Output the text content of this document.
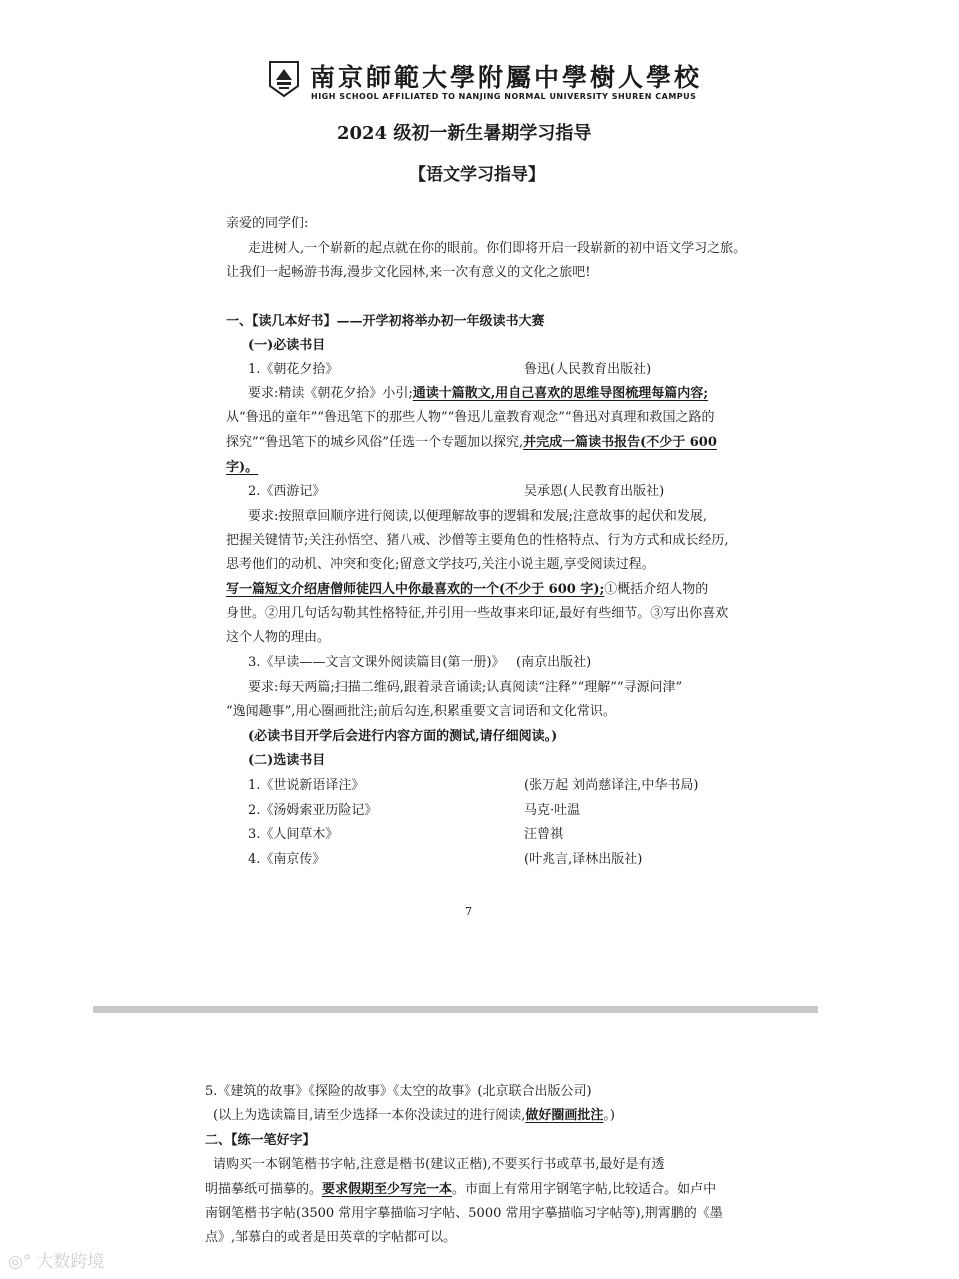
南京師範大學附屬中學樹人學校
HIGH SCHOOL AFFILIATED TO NANJING NORMAL UNIVERSITY SHUREN CAMPUS
2024 级初一新生暑期学习指导
【语文学习指导】
亲爱的同学们:
走进树人,一个崭新的起点就在你的眼前。你们即将开启一段崭新的初中语文学习之旅。
让我们一起畅游书海,漫步文化园林,来一次有意义的文化之旅吧!
一、【读几本好书】——开学初将举办初一年级读书大赛
(一)必读书目
1.《朝花夕拾》	鲁迅(人民教育出版社)
要求:精读《朝花夕拾》小引;通读十篇散文,用自己喜欢的思维导图梳理每篇内容;
从“鲁迅的童年”“鲁迅笔下的那些人物”“鲁迅儿童教育观念”“鲁迅对真理和救国之路的
探究”“鲁迅笔下的城乡风俗”任选一个专题加以探究,并完成一篇读书报告(不少于 600
字)。
2.《西游记》	吴承恩(人民教育出版社)
要求:按照章回顺序进行阅读,以便理解故事的逻辑和发展;注意故事的起伏和发展,
把握关键情节;关注孙悟空、猪八戒、沙僧等主要角色的性格特点、行为方式和成长经历,
思考他们的动机、冲突和变化;留意文学技巧,关注小说主题,享受阅读过程。
写一篇短文介绍唐僧师徒四人中你最喜欢的一个(不少于 600 字);①概括介绍人物的
身世。②用几句话勾勒其性格特征,并引用一些故事来印证,最好有些细节。③写出你喜欢
这个人物的理由。
3.《早读——文言文课外阅读篇目(第一册)》 (南京出版社)
要求:每天两篇;扫描二维码,跟着录音诵读;认真阅读“注释”“理解”“寻源问津”
“逸闻趣事”,用心圈画批注;前后勾连,积累重要文言词语和文化常识。
(必读书目开学后会进行内容方面的测试,请仔细阅读。)
(二)选读书目
1.《世说新语译注》	(张万起 刘尚慈译注,中华书局)
2.《汤姆索亚历险记》	马克·吐温
3.《人间草木》	汪曾祺
4.《南京传》	(叶兆言,译林出版社)
7
5.《建筑的故事》《探险的故事》《太空的故事》(北京联合出版公司)
(以上为选读篇目,请至少选择一本你没读过的进行阅读,做好圈画批注。)
二、【练一笔好字】
请购买一本钢笔楷书字帖,注意是楷书(建议正楷),不要买行书或草书,最好是有透
明描摹纸可描摹的。要求假期至少写完一本。市面上有常用字钢笔字帖,比较适合。如卢中
南钢笔楷书字帖(3500 常用字摹描临习字帖、5000 常用字摹描临习字帖等),荆霄鹏的《墨
点》,邹慕白的或者是田英章的字帖都可以。
◎° 大数跨境
